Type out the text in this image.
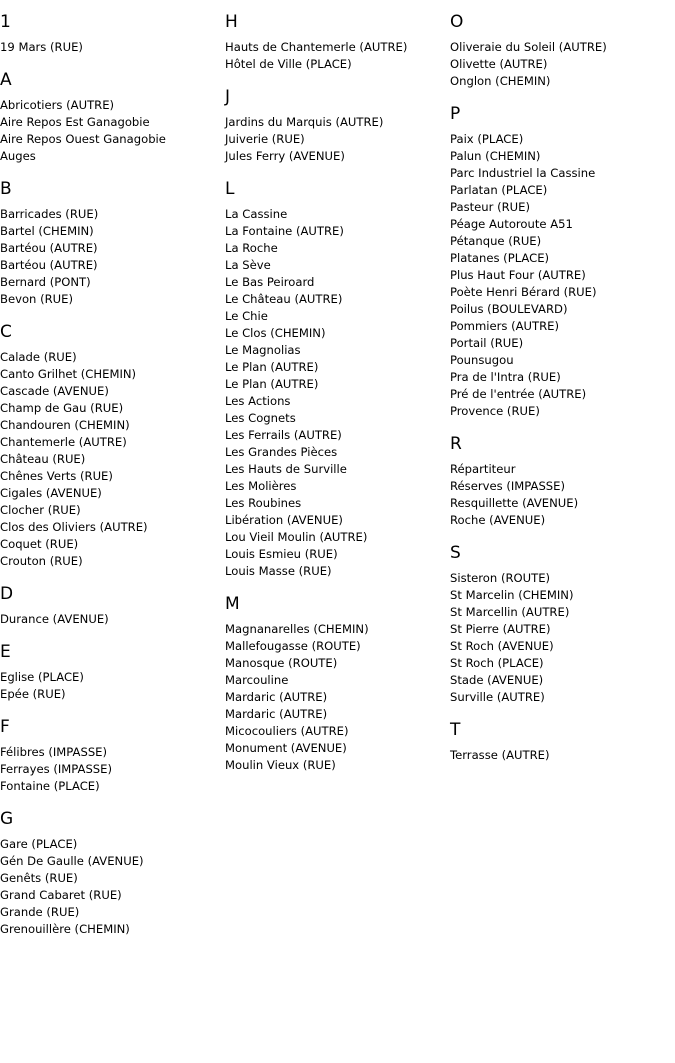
1
19 Mars (RUE)
A
Abricotiers (AUTRE)
Aire Repos Est Ganagobie
Aire Repos Ouest Ganagobie
Auges
B
Barricades (RUE)
Bartel (CHEMIN)
Bartéou (AUTRE)
Bartéou (AUTRE)
Bernard (PONT)
Bevon (RUE)
C
Calade (RUE)
Canto Grilhet (CHEMIN)
Cascade (AVENUE)
Champ de Gau (RUE)
Chandouren (CHEMIN)
Chantemerle (AUTRE)
Château (RUE)
Chênes Verts (RUE)
Cigales (AVENUE)
Clocher (RUE)
Clos des Oliviers (AUTRE)
Coquet (RUE)
Crouton (RUE)
D
Durance (AVENUE)
E
Eglise (PLACE)
Epée (RUE)
F
Félibres (IMPASSE)
Ferrayes (IMPASSE)
Fontaine (PLACE)
G
Gare (PLACE)
Gén De Gaulle (AVENUE)
Genêts (RUE)
Grand Cabaret (RUE)
Grande (RUE)
Grenouillère (CHEMIN)
H
Hauts de Chantemerle (AUTRE)
Hôtel de Ville (PLACE)
J
Jardins du Marquis (AUTRE)
Juiverie (RUE)
Jules Ferry (AVENUE)
L
La Cassine
La Fontaine (AUTRE)
La Roche
La Sève
Le Bas Peiroard
Le Château (AUTRE)
Le Chie
Le Clos (CHEMIN)
Le Magnolias
Le Plan (AUTRE)
Le Plan (AUTRE)
Les Actions
Les Cognets
Les Ferrails (AUTRE)
Les Grandes Pièces
Les Hauts de Surville
Les Molières
Les Roubines
Libération (AVENUE)
Lou Vieil Moulin (AUTRE)
Louis Esmieu (RUE)
Louis Masse (RUE)
M
Magnanarelles (CHEMIN)
Mallefougasse (ROUTE)
Manosque (ROUTE)
Marcouline
Mardaric (AUTRE)
Mardaric (AUTRE)
Micocouliers (AUTRE)
Monument (AVENUE)
Moulin Vieux (RUE)
O
Oliveraie du Soleil (AUTRE)
Olivette (AUTRE)
Onglon (CHEMIN)
P
Paix (PLACE)
Palun (CHEMIN)
Parc Industriel la Cassine
Parlatan (PLACE)
Pasteur (RUE)
Péage Autoroute A51
Pétanque (RUE)
Platanes (PLACE)
Plus Haut Four (AUTRE)
Poète Henri Bérard (RUE)
Poilus (BOULEVARD)
Pommiers (AUTRE)
Portail (RUE)
Pounsugou
Pra de l'Intra (RUE)
Pré de l'entrée (AUTRE)
Provence (RUE)
R
Répartiteur
Réserves (IMPASSE)
Resquillette (AVENUE)
Roche (AVENUE)
S
Sisteron (ROUTE)
St Marcelin (CHEMIN)
St Marcellin (AUTRE)
St Pierre (AUTRE)
St Roch (AVENUE)
St Roch (PLACE)
Stade (AVENUE)
Surville (AUTRE)
T
Terrasse (AUTRE)
